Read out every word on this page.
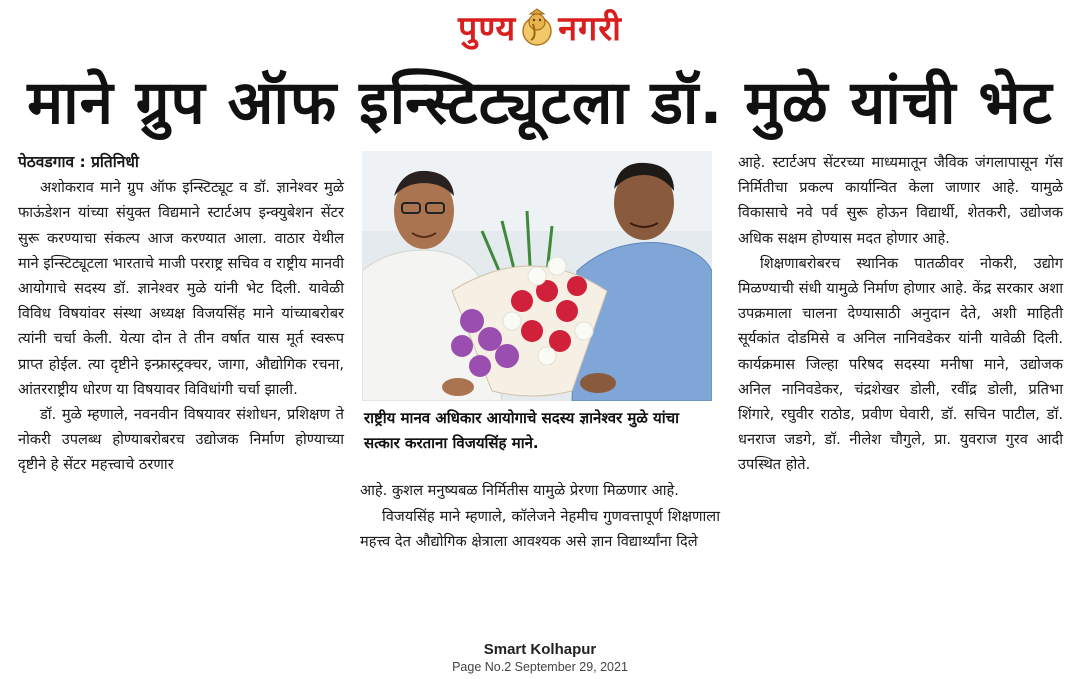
पुण्य नगरी
माने ग्रुप ऑफ इन्स्टिट्यूटला डॉ. मुळे यांची भेट

पेठवडगाव : प्रतिनिधी

अशोकराव माने ग्रुप ऑफ इन्स्टिट्यूट व डॉ. ज्ञानेश्वर मुळे फाऊंडेशन यांच्या संयुक्त विद्यमाने स्टार्टअप इन्क्युबेशन सेंटर सुरू करण्याचा संकल्प आज करण्यात आला. वाठार येथील माने इन्स्टिट्यूटला भारताचे माजी परराष्ट्र सचिव व राष्ट्रीय मानवी आयोगाचे सदस्य डॉ. ज्ञानेश्वर मुळे यांनी भेट दिली. यावेळी विविध विषयांवर संस्था अध्यक्ष विजयसिंह माने यांच्याबरोबर त्यांनी चर्चा केली. येत्या दोन ते तीन वर्षात यास मूर्त स्वरूप प्राप्त होईल. त्या दृष्टीने इन्फ्रास्ट्रक्चर, जागा, औद्योगिक रचना, आंतरराष्ट्रीय धोरण या विषयावर विविधांगी चर्चा झाली.

डॉ. मुळे म्हणाले, नवनवीन विषयावर संशोधन, प्रशिक्षण ते नोकरी उपलब्ध होण्याबरोबरच उद्योजक निर्माण होण्याच्या दृष्टीने हे सेंटर महत्त्वाचे ठरणार

राष्ट्रीय मानव अधिकार आयोगाचे सदस्य ज्ञानेश्वर मुळे यांचा सत्कार करताना विजयसिंह माने.

आहे. कुशल मनुष्यबळ निर्मितीस यामुळे प्रेरणा मिळणार आहे.

विजयसिंह माने म्हणाले, कॉलेजने नेहमीच गुणवत्तापूर्ण शिक्षणाला महत्त्व देत औद्योगिक क्षेत्राला आवश्यक असे ज्ञान विद्यार्थ्यांना दिले

आहे. स्टार्टअप सेंटरच्या माध्यमातून जैविक जंगलापासून गॅस निर्मितीचा प्रकल्प कार्यान्वित केला जाणार आहे. यामुळे विकासाचे नवे पर्व सुरू होऊन विद्यार्थी, शेतकरी, उद्योजक अधिक सक्षम होण्यास मदत होणार आहे.

शिक्षणाबरोबरच स्थानिक पातळीवर नोकरी, उद्योग मिळण्याची संधी यामुळे निर्माण होणार आहे. केंद्र सरकार अशा उपक्रमाला चालना देण्यासाठी अनुदान देते, अशी माहिती सूर्यकांत दोडमिसे व अनिल नानिवडेकर यांनी यावेळी दिली. कार्यक्रमास जिल्हा परिषद सदस्या मनीषा माने, उद्योजक अनिल नानिवडेकर, चंद्रशेखर डोली, रवींद्र डोली, प्रतिभा शिंगारे, रघुवीर राठोड, प्रवीण घेवारी, डॉ. सचिन पाटील, डॉ. धनराज जडगे, डॉ. नीलेश चौगुले, प्रा. युवराज गुरव आदी उपस्थित होते.

Smart Kolhapur
Page No.2 September 29, 2021
